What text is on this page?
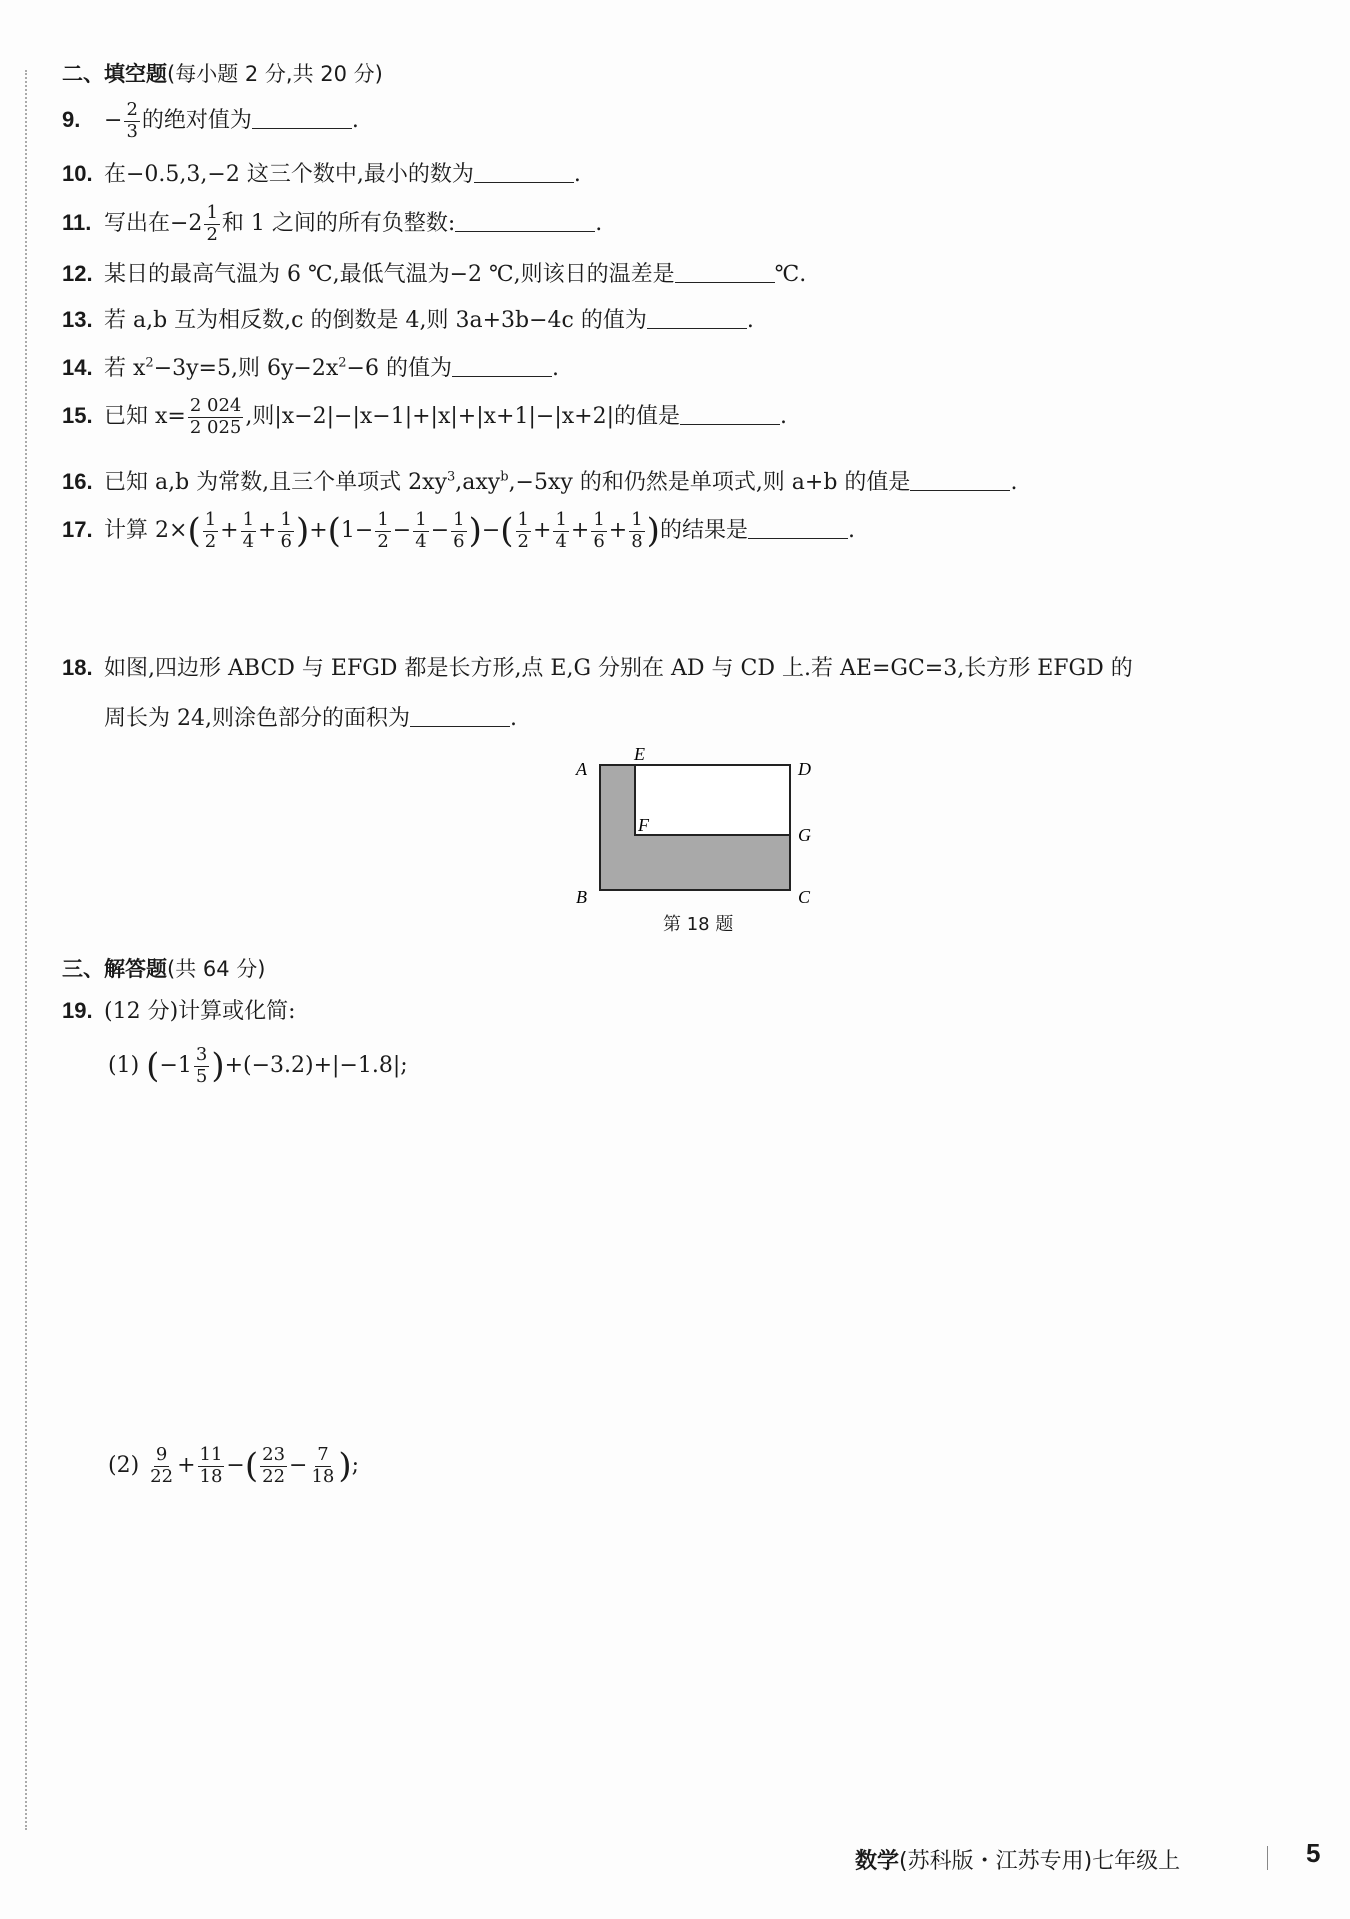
二、填空题(每小题 2 分,共 20 分)
9. − $\frac{2}{3}$ 的绝对值为	.
10. 在−0.5,3,−2 这三个数中,最小的数为	.
11. 写出在$-2 \frac{1}{2}$ 和 1 之间的所有负整数:	.
12. 某日的最高气温为 6 ℃,最低气温为−2 ℃,则该日的温差是	℃.
13. 若 a,b 互为相反数,c 的倒数是 4,则 3a+3b−4c 的值为	.
14. 若 $x^2-3y=5$,则 $6y-2x^2-6$ 的值为	.
15. 已知 $x= \frac{2 024}{2 025}$ ,则|x−2|−|x−1|+|x|+|x+1|−|x+2|的值是	.
16. 已知 a,b 为常数,且三个单项式 $2xy^3,axy^b,-5xy$ 的和仍然是单项式,则 a+b 的值是	.
17. 计算 $2\times( \frac{1}{2} + \frac{1}{4} + \frac{1}{6} )+(1- \frac{1}{2} - \frac{1}{4} - \frac{1}{6}$ )−( $\frac{1}{2} + \frac{1}{4} + \frac{1}{6} + \frac{1}{8}$ )的结果是	.
18. 如图,四边形 ABCD 与 EFGD 都是长方形,点 E,G 分别在 AD 与 CD 上.若 AE=GC=3,长方形 EFGD 的
周长为 24,则涂色部分的面积为	.
A
B	C
D
E
F	G
第 18 题
三、解答题(共 64 分)
19. (12 分)计算或化简:
(1) $(-1 \frac{3}{5} )+(-3.2)+|-1.8|$;
$(2) \frac{9}{22} + \frac{11}{18}$ −( $\frac{23}{22} - \frac{7}{18}$ );
数学(苏科版・江苏专用)七年级上	5
